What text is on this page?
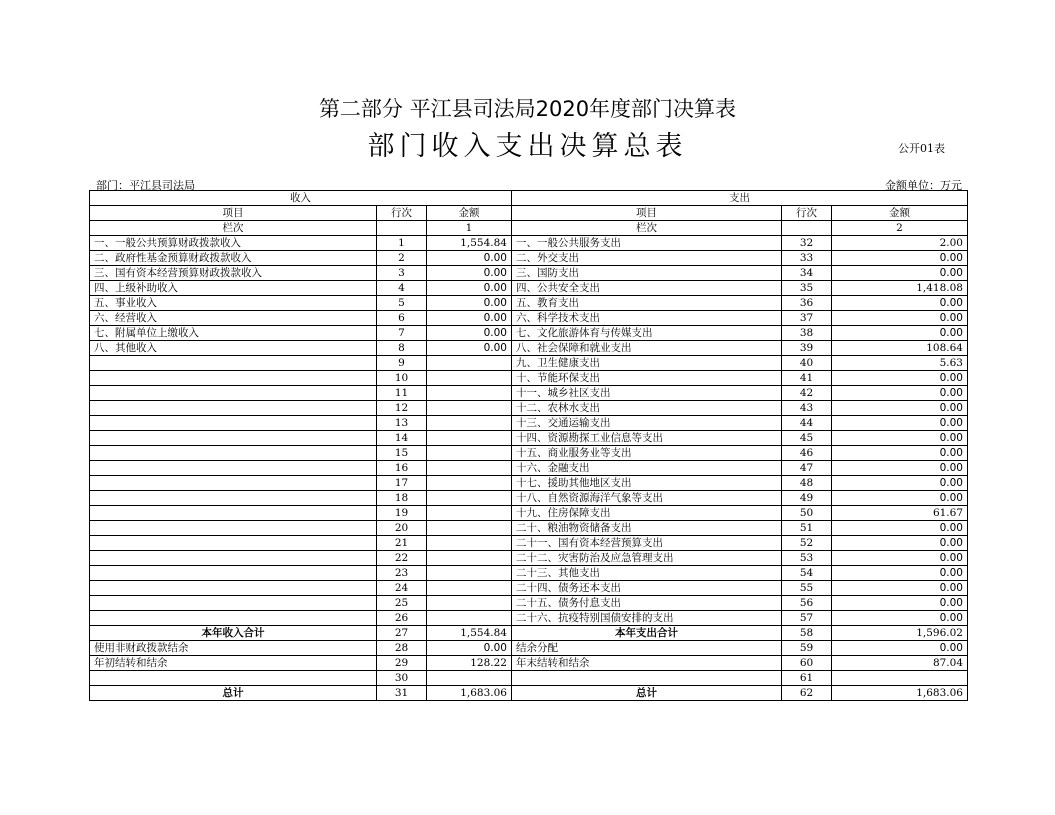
第二部分 平江县司法局2020年度部门决算表
部门收入支出决算总表	公开01表
部门：平江县司法局	金额单位：万元
收入			支出		
项目	行次	金额	项目	行次	金额
栏次		1	栏次		2
一、一般公共预算财政拨款收入	1	1,554.84	一、一般公共服务支出	32	2.00
二、政府性基金预算财政拨款收入	2	0.00	二、外交支出	33	0.00
三、国有资本经营预算财政拨款收入	3	0.00	三、国防支出	34	0.00
四、上级补助收入	4	0.00	四、公共安全支出	35	1,418.08
五、事业收入	5	0.00	五、教育支出	36	0.00
六、经营收入	6	0.00	六、科学技术支出	37	0.00
七、附属单位上缴收入	7	0.00	七、文化旅游体育与传媒支出	38	0.00
八、其他收入	8	0.00	八、社会保障和就业支出	39	108.64
	9		九、卫生健康支出	40	5.63
	10		十、节能环保支出	41	0.00
	11		十一、城乡社区支出	42	0.00
	12		十二、农林水支出	43	0.00
	13		十三、交通运输支出	44	0.00
	14		十四、资源勘探工业信息等支出	45	0.00
	15		十五、商业服务业等支出	46	0.00
	16		十六、金融支出	47	0.00
	17		十七、援助其他地区支出	48	0.00
	18		十八、自然资源海洋气象等支出	49	0.00
	19		十九、住房保障支出	50	61.67
	20		二十、粮油物资储备支出	51	0.00
	21		二十一、国有资本经营预算支出	52	0.00
	22		二十二、灾害防治及应急管理支出	53	0.00
	23		二十三、其他支出	54	0.00
	24		二十四、债务还本支出	55	0.00
	25		二十五、债务付息支出	56	0.00
	26		二十六、抗疫特别国债安排的支出	57	0.00
本年收入合计	27	1,554.84	本年支出合计	58	1,596.02
使用非财政拨款结余	28	0.00	结余分配	59	0.00
年初结转和结余	29	128.22	年末结转和结余	60	87.04
	30			61	
总计	31	1,683.06	总计	62	1,683.06
